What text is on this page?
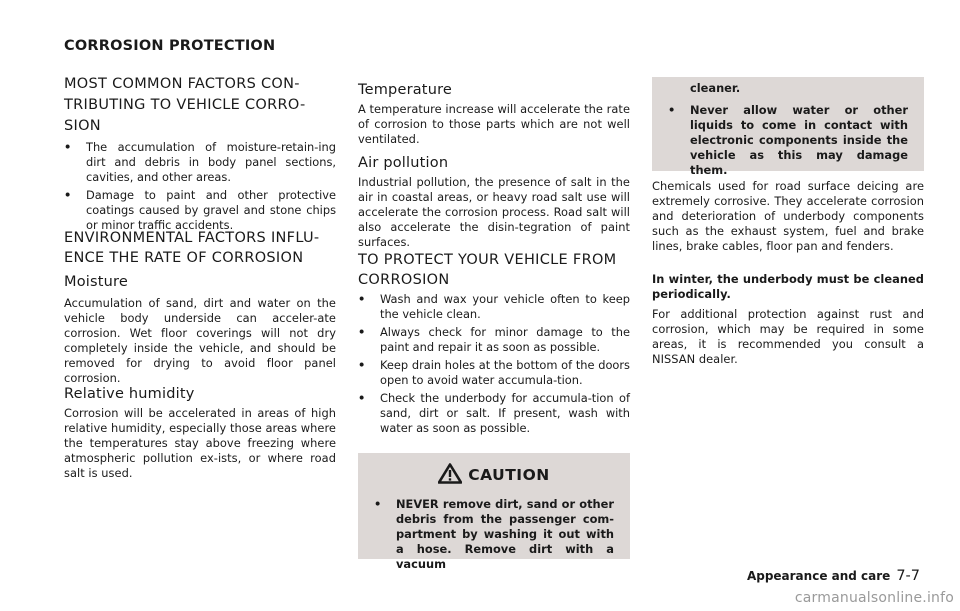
CORROSION PROTECTION
MOST COMMON FACTORS CON-
TRIBUTING TO VEHICLE CORRO-
SION
• The accumulation of moisture-retain-ing dirt and debris in body panel sections, cavities, and other areas.
• Damage to paint and other protective coatings caused by gravel and stone chips or minor traffic accidents.
ENVIRONMENTAL FACTORS INFLU-
ENCE THE RATE OF CORROSION
Moisture

Accumulation of sand, dirt and water on the vehicle body underside can acceler-ate corrosion. Wet floor coverings will not dry completely inside the vehicle, and should be removed for drying to avoid floor panel corrosion.

Relative humidity

Corrosion will be accelerated in areas of high relative humidity, especially those areas where the temperatures stay above freezing where atmospheric pollution ex-ists, or where road salt is used.

Temperature

A temperature increase will accelerate the rate of corrosion to those parts which are not well ventilated.

Air pollution

Industrial pollution, the presence of salt in the air in coastal areas, or heavy road salt use will accelerate the corrosion process. Road salt will also accelerate the disin-tegration of paint surfaces.

TO PROTECT YOUR VEHICLE FROM
CORROSION
• Wash and wax your vehicle often to keep the vehicle clean.
• Always check for minor damage to the paint and repair it as soon as possible.
• Keep drain holes at the bottom of the doors open to avoid water accumula-tion.
• Check the underbody for accumula-tion of sand, dirt or salt. If present, wash with water as soon as possible.
CAUTION
• NEVER remove dirt, sand or other debris from the passenger com-partment by washing it out with a hose. Remove dirt with a vacuum
cleaner.
• Never allow water or other liquids to come in contact with electronic components inside the vehicle as this may damage them.

Chemicals used for road surface deicing are extremely corrosive. They accelerate corrosion and deterioration of underbody components such as the exhaust system, fuel and brake lines, brake cables, floor pan and fenders.

In winter, the underbody must be cleaned periodically.

For additional protection against rust and corrosion, which may be required in some areas, it is recommended you consult a NISSAN dealer.

Appearance and care 7-7
carmanualsonline.info
